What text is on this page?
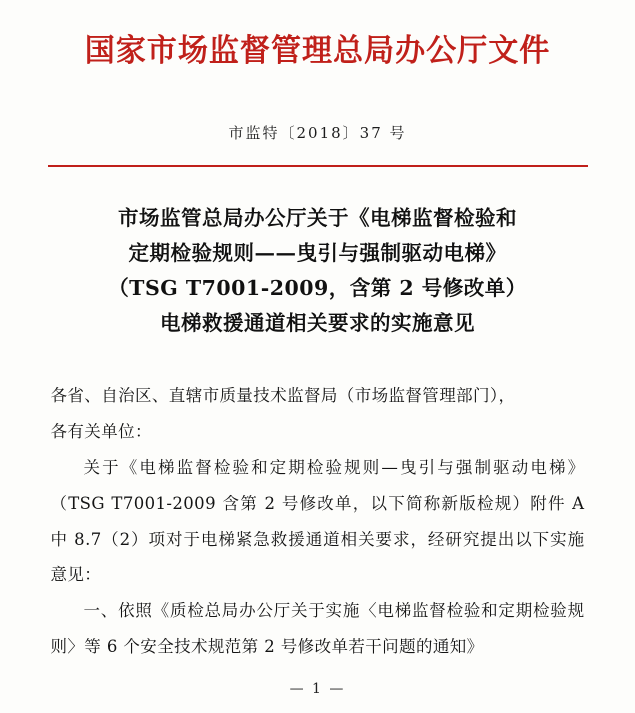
国家市场监督管理总局办公厅文件
市监特〔2018〕37 号
市场监管总局办公厅关于《电梯监督检验和
定期检验规则——曳引与强制驱动电梯》
（TSG T7001-2009，含第 2 号修改单）
电梯救援通道相关要求的实施意见

各省、自治区、直辖市质量技术监督局（市场监督管理部门），

各有关单位：

关于《电梯监督检验和定期检验规则—曳引与强制驱动电梯》（TSG T7001-2009 含第 2 号修改单，以下简称新版检规）附件 A 中 8.7（2）项对于电梯紧急救援通道相关要求，经研究提出以下实施意见：

一、依照《质检总局办公厅关于实施〈电梯监督检验和定期检验规则〉等 6 个安全技术规范第 2 号修改单若干问题的通知》

— 1 —
